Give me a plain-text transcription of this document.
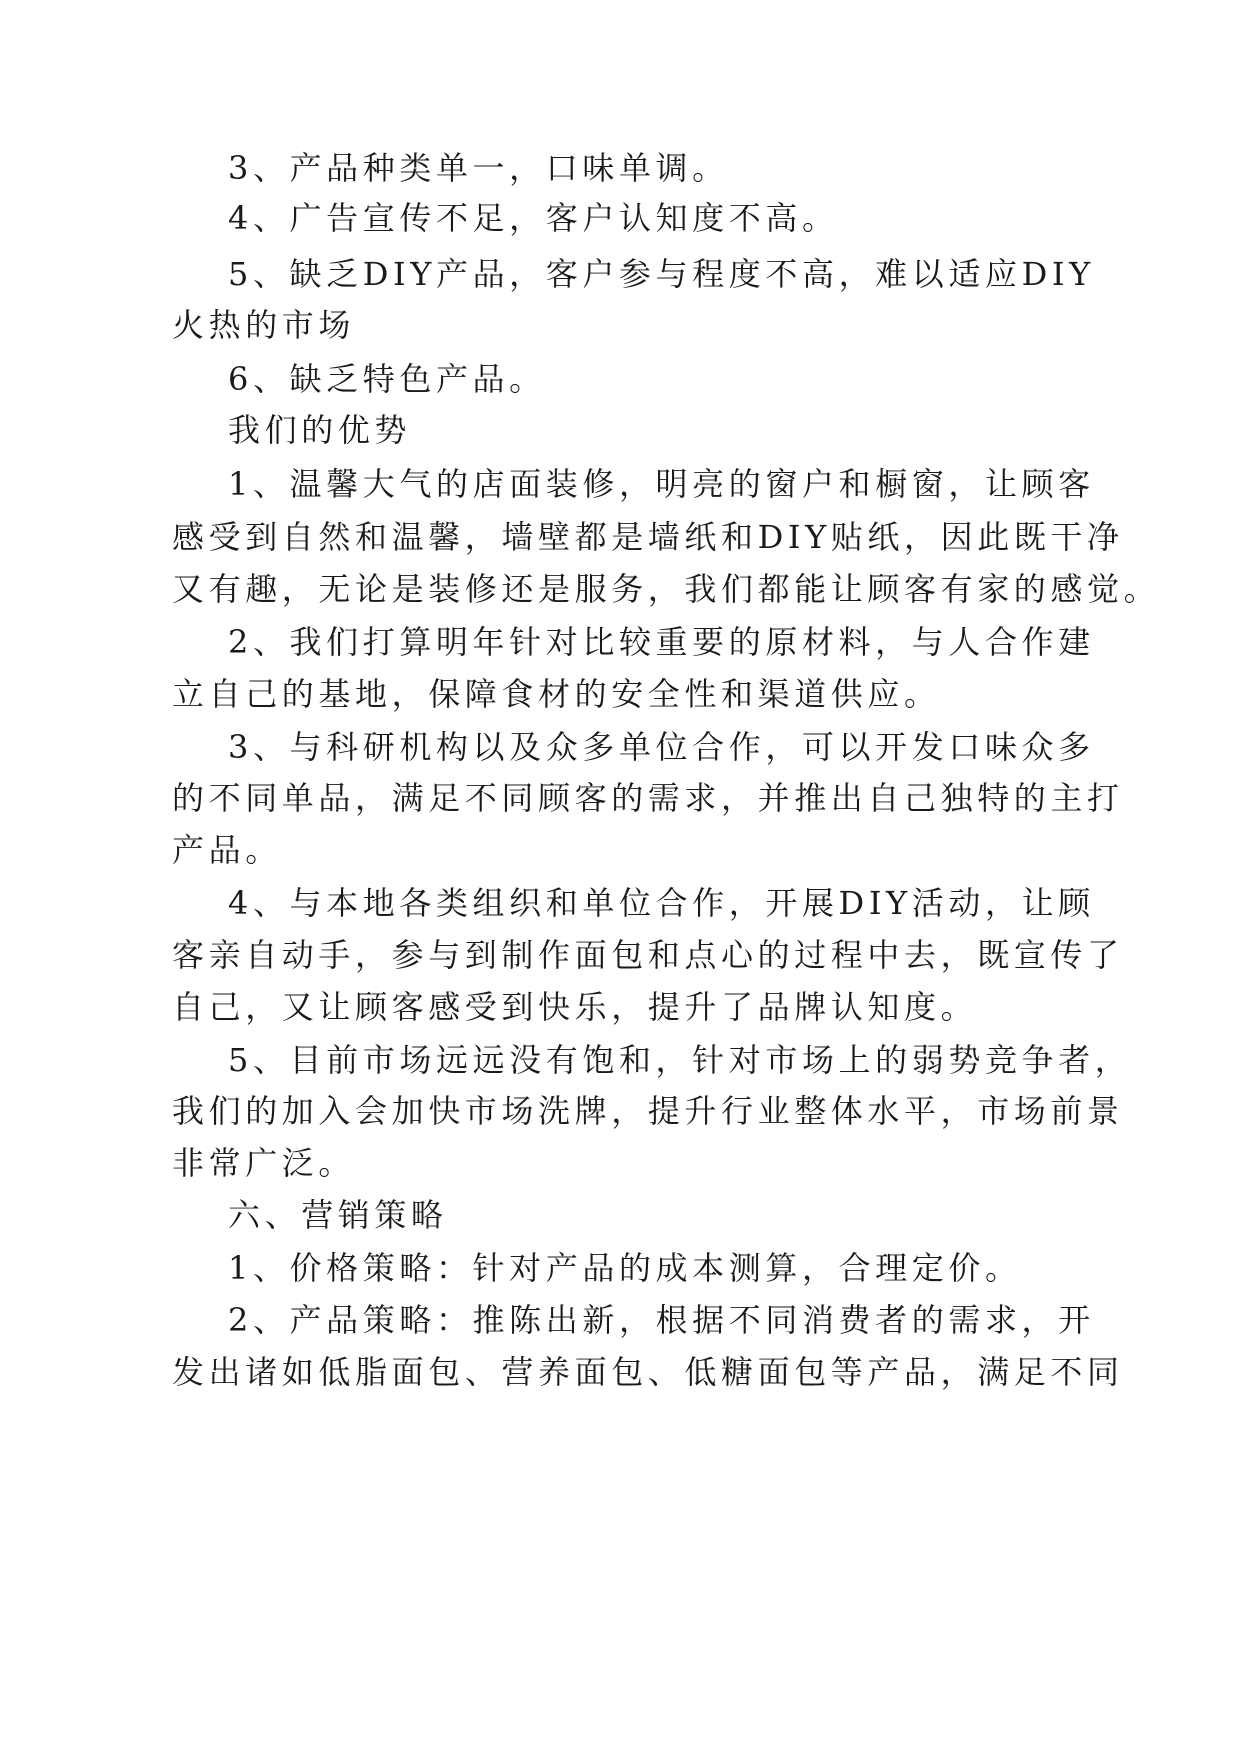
3、产品种类单一，口味单调。
4、广告宣传不足，客户认知度不高。
5、缺乏DIY产品，客户参与程度不高，难以适应DIY
火热的市场
6、缺乏特色产品。
我们的优势
1、温馨大气的店面装修，明亮的窗户和橱窗，让顾客
感受到自然和温馨，墙壁都是墙纸和DIY贴纸，因此既干净
又有趣，无论是装修还是服务，我们都能让顾客有家的感觉。
2、我们打算明年针对比较重要的原材料，与人合作建
立自己的基地，保障食材的安全性和渠道供应。
3、与科研机构以及众多单位合作，可以开发口味众多
的不同单品，满足不同顾客的需求，并推出自己独特的主打
产品。
4、与本地各类组织和单位合作，开展DIY活动，让顾
客亲自动手，参与到制作面包和点心的过程中去，既宣传了
自己，又让顾客感受到快乐，提升了品牌认知度。
5、目前市场远远没有饱和，针对市场上的弱势竞争者，
我们的加入会加快市场洗牌，提升行业整体水平，市场前景
非常广泛。
六、营销策略
1、价格策略：针对产品的成本测算，合理定价。
2、产品策略：推陈出新，根据不同消费者的需求，开
发出诸如低脂面包、营养面包、低糖面包等产品，满足不同
